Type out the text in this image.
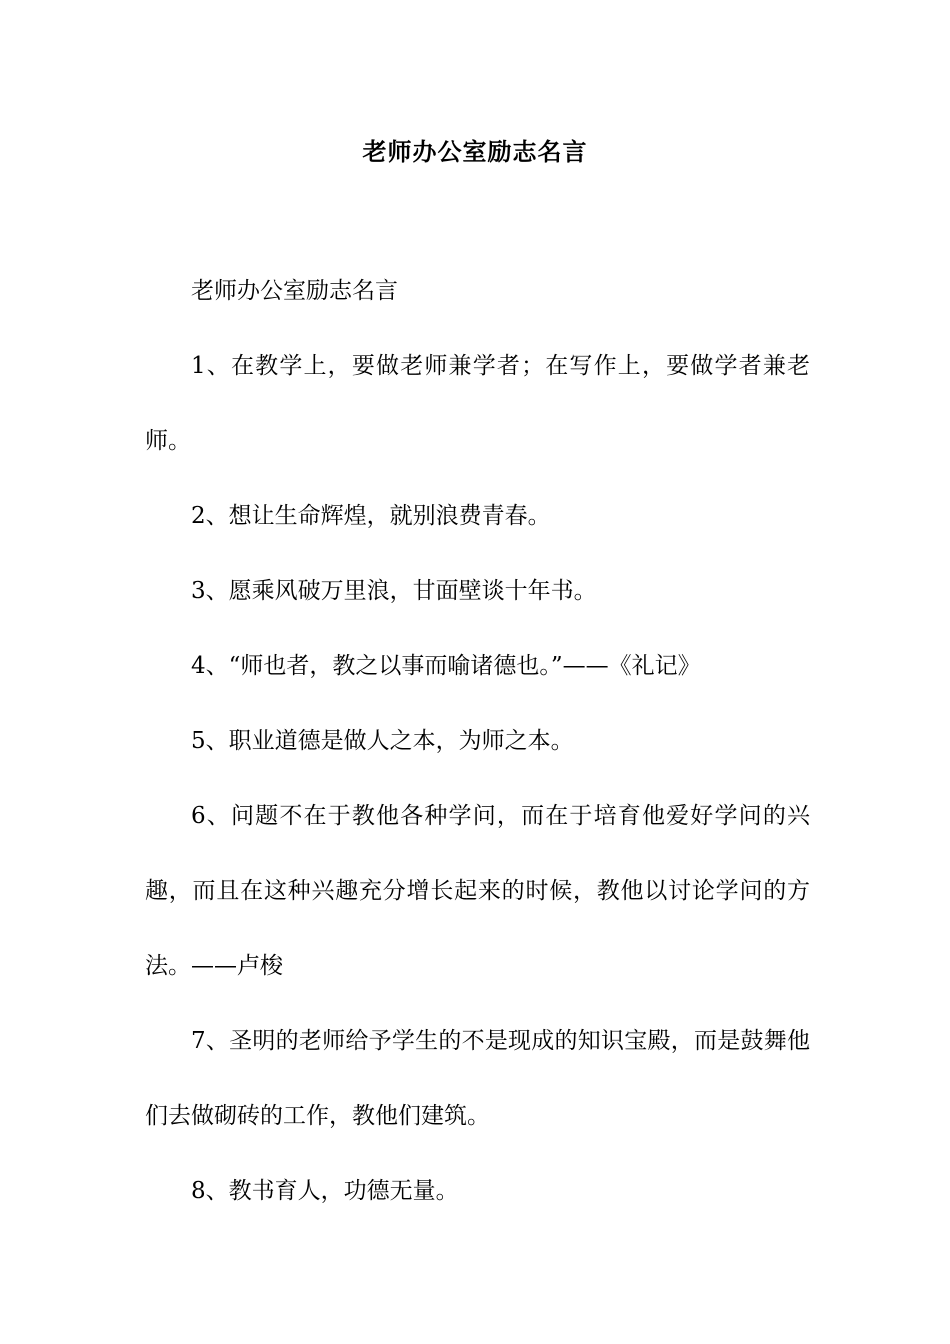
老师办公室励志名言

老师办公室励志名言

1、在教学上，要做老师兼学者；在写作上，要做学者兼老师。

2、想让生命辉煌，就别浪费青春。

3、愿乘风破万里浪，甘面壁谈十年书。

4、“师也者，教之以事而喻诸德也。”——《礼记》

5、职业道德是做人之本，为师之本。

6、问题不在于教他各种学问，而在于培育他爱好学问的兴趣，而且在这种兴趣充分增长起来的时候，教他以讨论学问的方法。——卢梭

7、圣明的老师给予学生的不是现成的知识宝殿，而是鼓舞他们去做砌砖的工作，教他们建筑。

8、教书育人，功德无量。
